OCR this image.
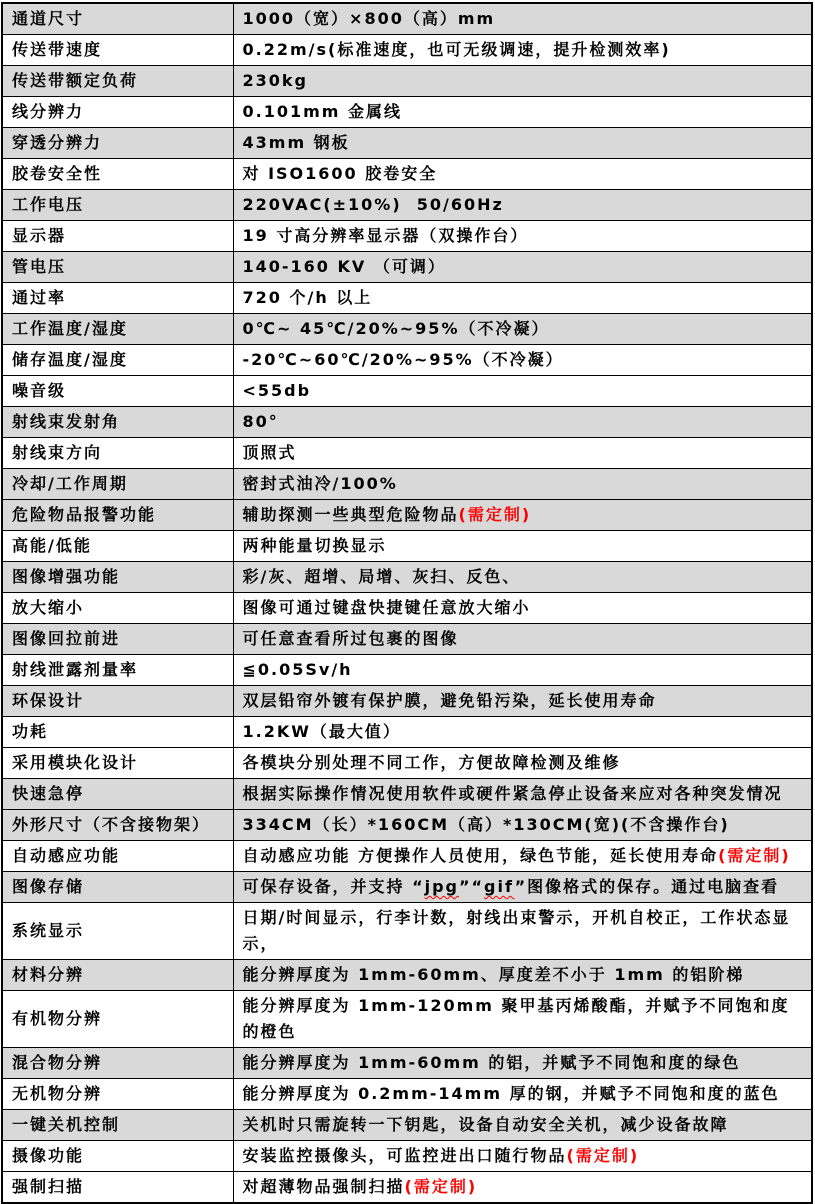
通道尺寸	1000（宽）×800（高）mm
传送带速度	0.22m/s(标准速度，也可无级调速，提升检测效率)
传送带额定负荷	230kg
线分辨力	0.101mm 金属线
穿透分辨力	43mm 钢板
胶卷安全性	对 ISO1600 胶卷安全
工作电压	220VAC(±10%)  50/60Hz
显示器	19 寸高分辨率显示器（双操作台）
管电压	140-160 KV （可调）
通过率	720 个/h 以上
工作温度/湿度	0℃~ 45℃/20%~95%（不冷凝）
储存温度/湿度	-20℃~60℃/20%~95%（不冷凝）
噪音级	<55db
射线束发射角	80°
射线束方向	顶照式
冷却/工作周期	密封式油冷/100%
危险物品报警功能	辅助探测一些典型危险物品(需定制)
高能/低能	两种能量切换显示
图像增强功能	彩/灰、超增、局增、灰扫、反色、
放大缩小	图像可通过键盘快捷键任意放大缩小
图像回拉前进	可任意查看所过包裹的图像
射线泄露剂量率	≦0.05Sv/h
环保设计	双层铅帘外镀有保护膜，避免铅污染，延长使用寿命
功耗	1.2KW（最大值）
采用模块化设计	各模块分别处理不同工作，方便故障检测及维修
快速急停	根据实际操作情况使用软件或硬件紧急停止设备来应对各种突发情况
外形尺寸（不含接物架）	334CM（长）*160CM（高）*130CM(宽)(不含操作台)
自动感应功能	自动感应功能 方便操作人员使用，绿色节能，延长使用寿命(需定制)
图像存储	可保存设备，并支持 “jpg”“gif”图像格式的保存。通过电脑查看
系统显示	日期/时间显示，行李计数，射线出束警示，开机自校正，工作状态显示，
材料分辨	能分辨厚度为 1mm-60mm、厚度差不小于 1mm 的铝阶梯
有机物分辨	能分辨厚度为 1mm-120mm 聚甲基丙烯酸酯，并赋予不同饱和度的橙色
混合物分辨	能分辨厚度为 1mm-60mm 的铝，并赋予不同饱和度的绿色
无机物分辨	能分辨厚度为 0.2mm-14mm 厚的钢，并赋予不同饱和度的蓝色
一键关机控制	关机时只需旋转一下钥匙，设备自动安全关机，减少设备故障
摄像功能	安装监控摄像头，可监控进出口随行物品(需定制)
强制扫描	对超薄物品强制扫描(需定制)
